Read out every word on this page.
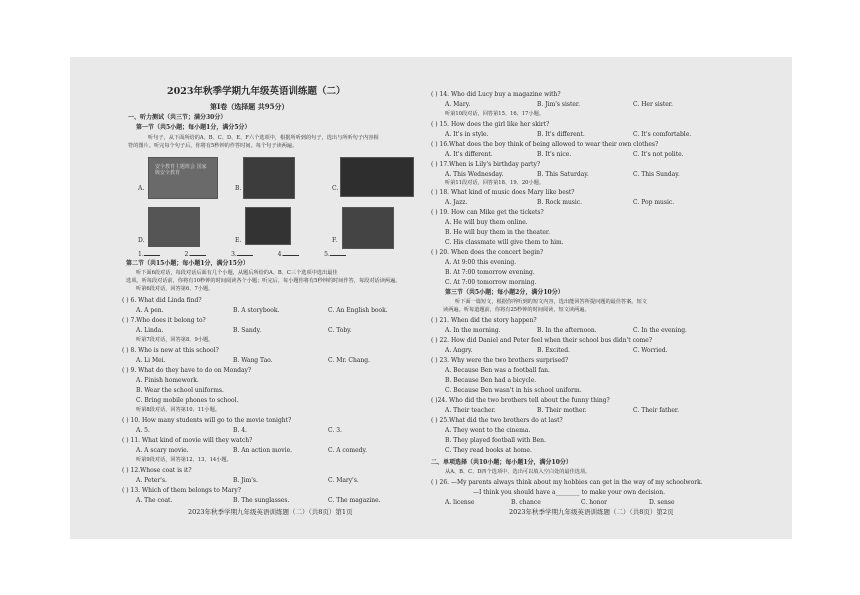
2023年秋季学期九年级英语训练题（二）
第Ⅰ卷（选择题 共95分）
一、听力测试（共三节；满分30分）
第一节（共5小题；每小题1分，满分5分）
听句子，从下面所给的A、B、C、D、E、F六个选项中，根据所听到的句子，选出与所听句子内容相
符的图片。听完每个句子后，你将有5秒钟的作答时间。每个句子读两遍。
A.
安全教育主题班会 国家级安全教育
B.	C.
D.	E.	F.
1.	2.	3.	4.	5.
第二节（共15小题；每小题1分，满分15分）
听下面6段对话，每段对话后面有几个小题，从题后所给的A、B、C三个选项中选出最佳
选项。听每段对话前，你将有10秒钟的时间阅读各个小题；听完后，每小题你将有5秒钟的时间作答，每段对话读两遍。
听第6段对话，回答第6、7小题。
( ) 6. What did Linda find?
A. A pen.	B. A storybook.	C. An English book.
( ) 7.Who does it belong to?
A. Linda.	B. Sandy.	C. Toby.
听第7段对话，回答第8、9小题。
( ) 8. Who is new at this school?
A. Li Mei.	B. Wang Tao.	C. Mr. Chang.
( ) 9. What do they have to do on Monday?
A. Finish homework.
B. Wear the school uniforms.
C. Bring mobile phones to school.
听第8段对话，回答第10、11小题。
( ) 10. How many students will go to the movie tonight?
A. 5.	B. 4.	C. 3.
( ) 11. What kind of movie will they watch?
A. A scary movie.	B. An action movie.	C. A comedy.
听第9段对话，回答第12、13、14小题。
( ) 12.Whose coat is it?
A. Peter's.	B. Jim's.	C. Mary's.
( ) 13. Which of them belongs to Mary?
A. The coat.	B. The sunglasses.	C. The magazine.
2023年秋季学期九年级英语训练题（二）（共8页）第1页
( ) 14. Who did Lucy buy a magazine with?
A. Mary.	B. Jim's sister.	C. Her sister.
听第10段对话，回答第15、16、17小题。
( ) 15. How does the girl like her skirt?
A. It's in style.	B. It's different.	C. It's comfortable.
( ) 16.What does the boy think of being allowed to wear their own clothes?
A. It's different.	B. It's nice.	C. It's not polite.
( ) 17.When is Lily's birthday party?
A. This Wednesday.	B. This Saturday.	C. This Sunday.
听第11段对话，回答第18、19、20小题。
( ) 18. What kind of music does Mary like best?
A. Jazz.	B. Rock music.	C. Pop music.
( ) 19. How can Mike get the tickets?
A. He will buy them online.
B. He will buy them in the theater.
C. His classmate will give them to him.
( ) 20. When does the concert begin?
A. At 9:00 this evening.
B. At 7:00 tomorrow evening.
C. At 7:00 tomorrow morning.
第三节（共5小题；每小题2分，满分10分）
听下面一篇短文，根据你所听到的短文内容，选出能回答所提问题的最佳答案。短文
读两遍。听每道题前，你将有25秒钟的时间阅读，短文读两遍。
( ) 21. When did the story happen?
A. In the morning.	B. In the afternoon.	C. In the evening.
( ) 22. How did Daniel and Peter feel when their school bus didn't come?
A. Angry.	B. Excited.	C. Worried.
( ) 23. Why were the two brothers surprised?
A. Because Ben was a football fan.
B. Because Ben had a bicycle.
C. Because Ben wasn't in his school uniform.
( )24. Who did the two brothers tell about the funny thing?
A. Their teacher.	B. Their mother.	C. Their father.
( ) 25.What did the two brothers do at last?
A. They went to the cinema.
B. They played football with Ben.
C. They read books at home.
二、单项选择（共10小题；每小题1分，满分10分）
从A、B、C、D四个选项中，选出可以填入空白处的最佳选项。
( ) 26. —My parents always think about my hobbies can get in the way of my schoolwork.
—I think you should have a________ to make your own decision.
A. license	B. chance	C. honor	D. sense
2023年秋季学期九年级英语训练题（二）（共8页）第2页
